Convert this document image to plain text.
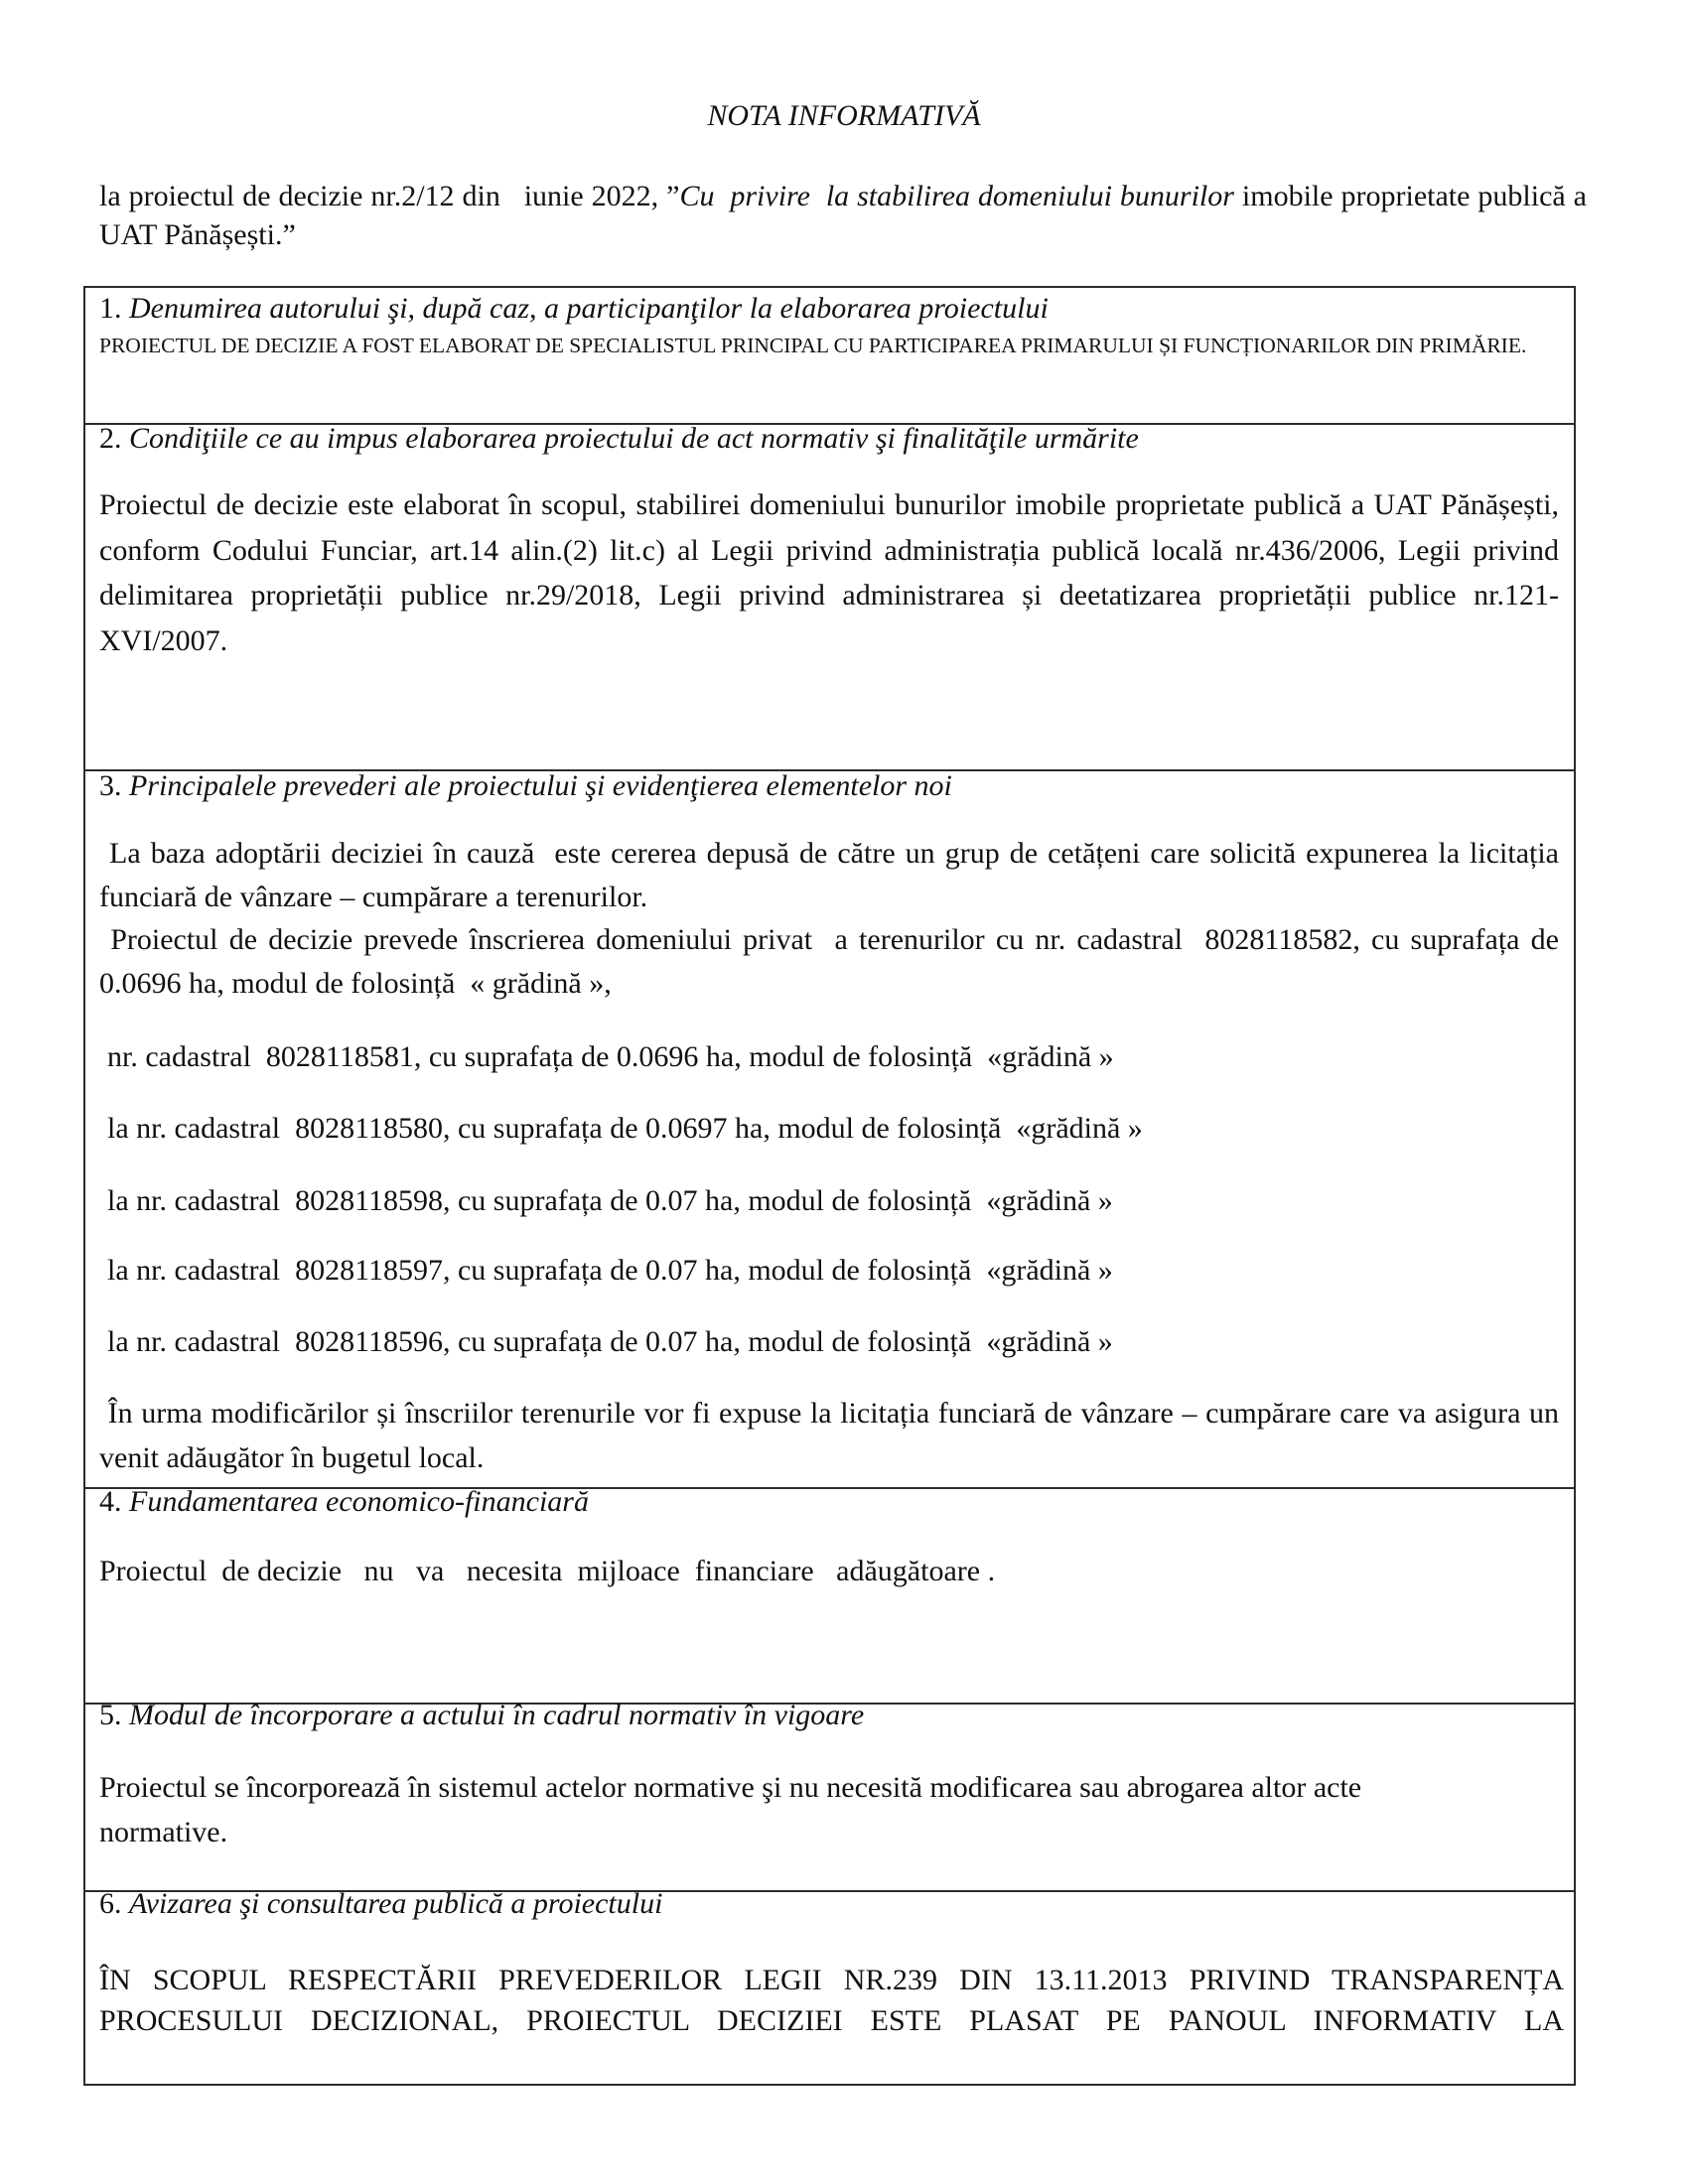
NOTA INFORMATIVĂ
la proiectul de decizie nr.2/12 din   iunie 2022, ”Cu  privire  la stabilirea domeniului bunurilor imobile proprietate publică a UAT Pănășești.”
1. Denumirea autorului şi, după caz, a participanţilor la elaborarea proiectului
PROIECTUL DE DECIZIE A FOST ELABORAT DE SPECIALISTUL PRINCIPAL CU PARTICIPAREA PRIMARULUI ȘI FUNCȚIONARILOR DIN PRIMĂRIE.
2. Condiţiile ce au impus elaborarea proiectului de act normativ şi finalităţile urmărite
Proiectul de decizie este elaborat în scopul, stabilirei domeniului bunurilor imobile proprietate publică a UAT Pănășești, conform Codului Funciar, art.14 alin.(2) lit.c) al Legii privind administrația publică locală nr.436/2006, Legii privind delimitarea proprietății publice nr.29/2018, Legii privind administrarea și deetatizarea proprietății publice nr.121-XVI/2007.
3. Principalele prevederi ale proiectului şi evidenţierea elementelor noi
La baza adoptării deciziei în cauză  este cererea depusă de către un grup de cetățeni care solicită expunerea la licitația funciară de vânzare – cumpărare a terenurilor.
Proiectul de decizie prevede înscrierea domeniului privat  a terenurilor cu nr. cadastral  8028118582, cu suprafața de 0.0696 ha, modul de folosință  « grădină »,
nr. cadastral  8028118581, cu suprafața de 0.0696 ha, modul de folosință  «grădină »
la nr. cadastral  8028118580, cu suprafața de 0.0697 ha, modul de folosință  «grădină »
la nr. cadastral  8028118598, cu suprafața de 0.07 ha, modul de folosință  «grădină »
la nr. cadastral  8028118597, cu suprafața de 0.07 ha, modul de folosință  «grădină »
la nr. cadastral  8028118596, cu suprafața de 0.07 ha, modul de folosință  «grădină »
În urma modificărilor și înscriilor terenurile vor fi expuse la licitația funciară de vânzare – cumpărare care va asigura un venit adăugător în bugetul local.
4. Fundamentarea economico-financiară
Proiectul  de decizie   nu   va   necesita  mijloace  financiare   adăugătoare .
5. Modul de încorporare a actului în cadrul normativ în vigoare
Proiectul se încorporează în sistemul actelor normative şi nu necesită modificarea sau abrogarea altor acte normative.
6. Avizarea şi consultarea publică a proiectului
ÎN SCOPUL RESPECTĂRII PREVEDERILOR LEGII NR.239 DIN 13.11.2013 PRIVIND TRANSPARENȚA PROCESULUI DECIZIONAL, PROIECTUL DECIZIEI ESTE PLASAT PE PANOUL INFORMATIV LA
